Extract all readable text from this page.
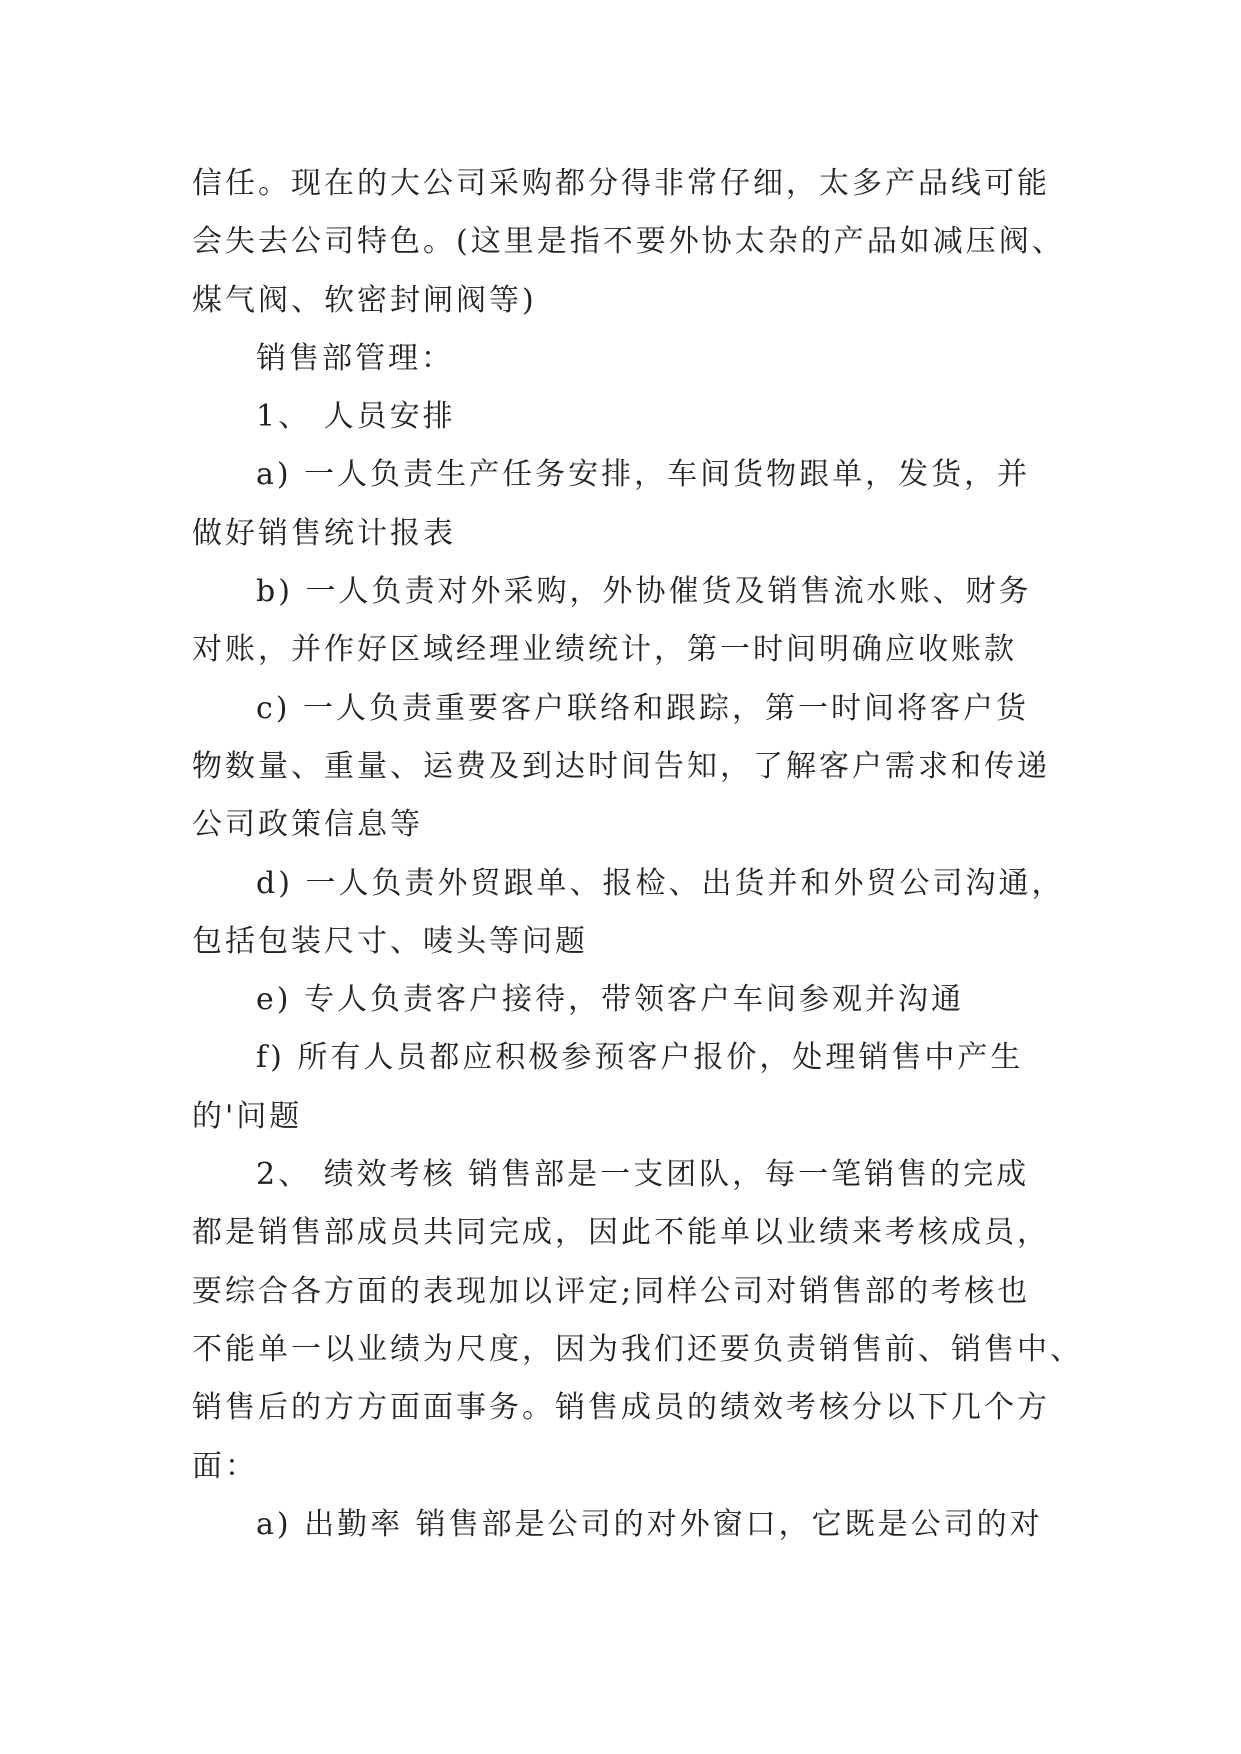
信任。现在的大公司采购都分得非常仔细，太多产品线可能
会失去公司特色。(这里是指不要外协太杂的产品如减压阀、
煤气阀、软密封闸阀等)
销售部管理：
1、 人员安排
a) 一人负责生产任务安排，车间货物跟单，发货，并
做好销售统计报表
b) 一人负责对外采购，外协催货及销售流水账、财务
对账，并作好区域经理业绩统计，第一时间明确应收账款
c) 一人负责重要客户联络和跟踪，第一时间将客户货
物数量、重量、运费及到达时间告知，了解客户需求和传递
公司政策信息等
d) 一人负责外贸跟单、报检、出货并和外贸公司沟通，
包括包装尺寸、唛头等问题
e) 专人负责客户接待，带领客户车间参观并沟通
f) 所有人员都应积极参预客户报价，处理销售中产生
的'问题
2、 绩效考核 销售部是一支团队，每一笔销售的完成
都是销售部成员共同完成，因此不能单以业绩来考核成员，
要综合各方面的表现加以评定;同样公司对销售部的考核也
不能单一以业绩为尺度，因为我们还要负责销售前、销售中、
销售后的方方面面事务。销售成员的绩效考核分以下几个方
面：
a) 出勤率 销售部是公司的对外窗口，它既是公司的对
